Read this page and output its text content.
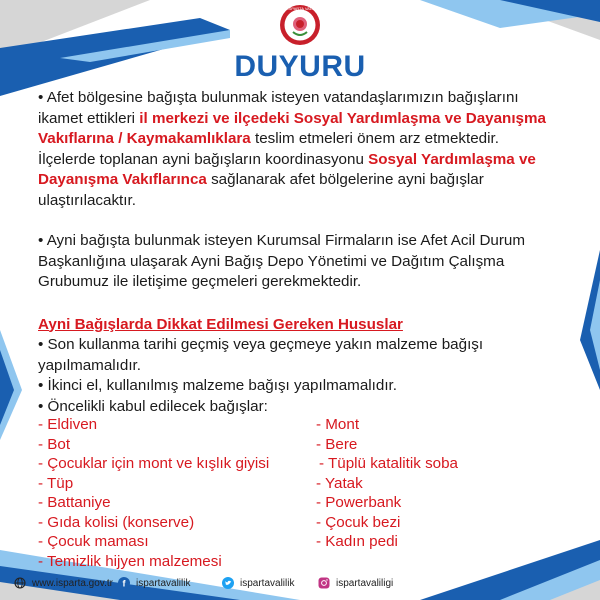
T.C. ISPARTA VALİLİĞİ
DUYURU

• Afet bölgesine bağışta bulunmak isteyen vatandaşlarımızın bağışlarını ikamet ettikleri il merkezi ve ilçedeki Sosyal Yardımlaşma ve Dayanışma Vakıflarına / Kaymakamlıklara teslim etmeleri önem arz etmektedir. İlçelerde toplanan ayni bağışların koordinasyonu Sosyal Yardımlaşma ve Dayanışma Vakıflarınca sağlanarak afet bölgelerine ayni bağışlar ulaştırılacaktır.

• Ayni bağışta bulunmak isteyen Kurumsal Firmaların ise Afet Acil Durum Başkanlığına ulaşarak Ayni Bağış Depo Yönetimi ve Dağıtım Çalışma Grubumuz ile iletişime geçmeleri gerekmektedir.

Ayni Bağışlarda Dikkat Edilmesi Gereken Hususlar

• Son kullanma tarihi geçmiş veya geçmeye yakın malzeme bağışı yapılmamalıdır.

• İkinci el, kullanılmış malzeme bağışı yapılmamalıdır.

• Öncelikli kabul edilecek bağışlar:

- Eldiven
- Bot
- Çocuklar için mont ve kışlık giyisi
- Tüp
- Battaniye
- Gıda kolisi (konserve)
- Çocuk maması
- Temizlik hijyen malzemesi
- Mont
- Bere
- Tüplü katalitik soba
- Yatak
- Powerbank
- Çocuk bezi
- Kadın pedi
www.isparta.gov.tr f ispartavalilik	ispartavalilik	ispartavaliligi
